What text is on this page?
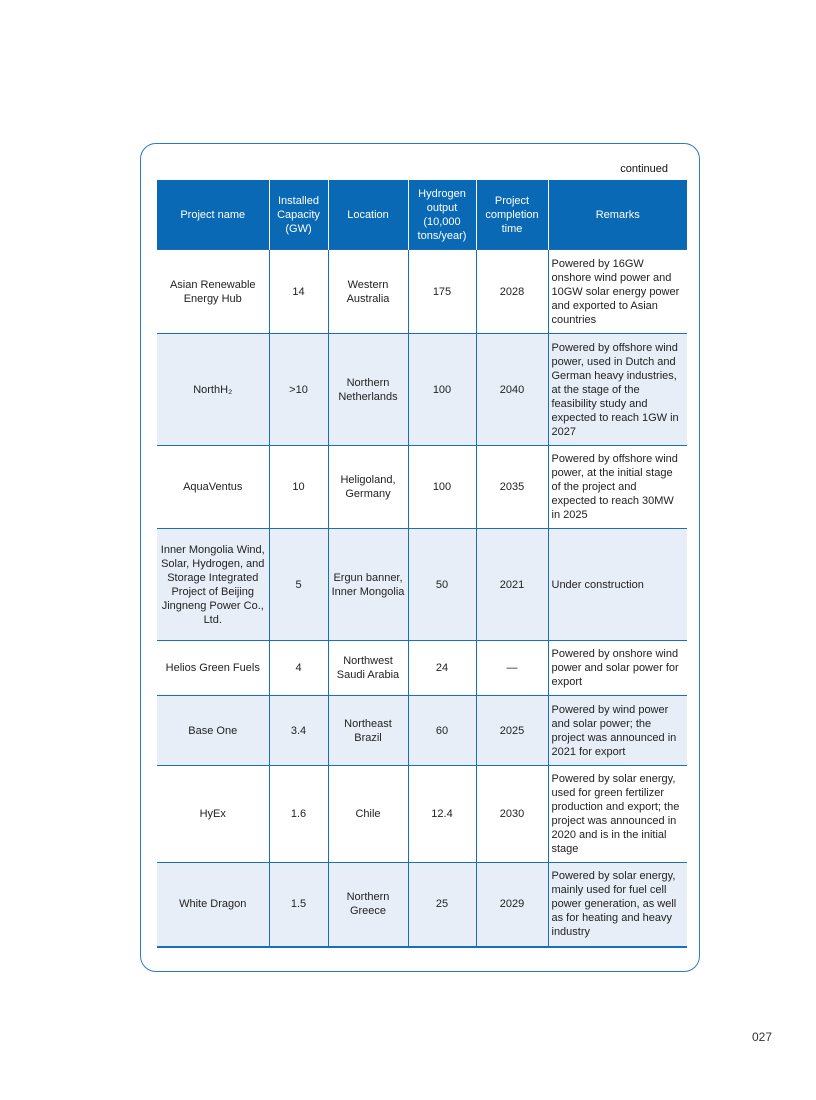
continued
Project name	Installed Capacity (GW)	Location	Hydrogen output (10,000 tons/year)	Project completion time	Remarks
Asian Renewable Energy Hub	14	Western Australia	175	2028	Powered by 16GW onshore wind power and 10GW solar energy power and exported to Asian countries
NorthH₂	>10	Northern Netherlands	100	2040	Powered by offshore wind power, used in Dutch and German heavy industries, at the stage of the feasibility study and expected to reach 1GW in 2027
AquaVentus	10	Heligoland, Germany	100	2035	Powered by offshore wind power, at the initial stage of the project and expected to reach 30MW in 2025
Inner Mongolia Wind, Solar, Hydrogen, and Storage Integrated Project of Beijing Jingneng Power Co., Ltd.	5	Ergun banner, Inner Mongolia	50	2021	Under construction
Helios Green Fuels	4	Northwest Saudi Arabia	24	—	Powered by onshore wind power and solar power for export
Base One	3.4	Northeast Brazil	60	2025	Powered by wind power and solar power; the project was announced in 2021 for export
HyEx	1.6	Chile	12.4	2030	Powered by solar energy, used for green fertilizer production and export; the project was announced in 2020 and is in the initial stage
White Dragon	1.5	Northern Greece	25	2029	Powered by solar energy, mainly used for fuel cell power generation, as well as for heating and heavy industry
027
